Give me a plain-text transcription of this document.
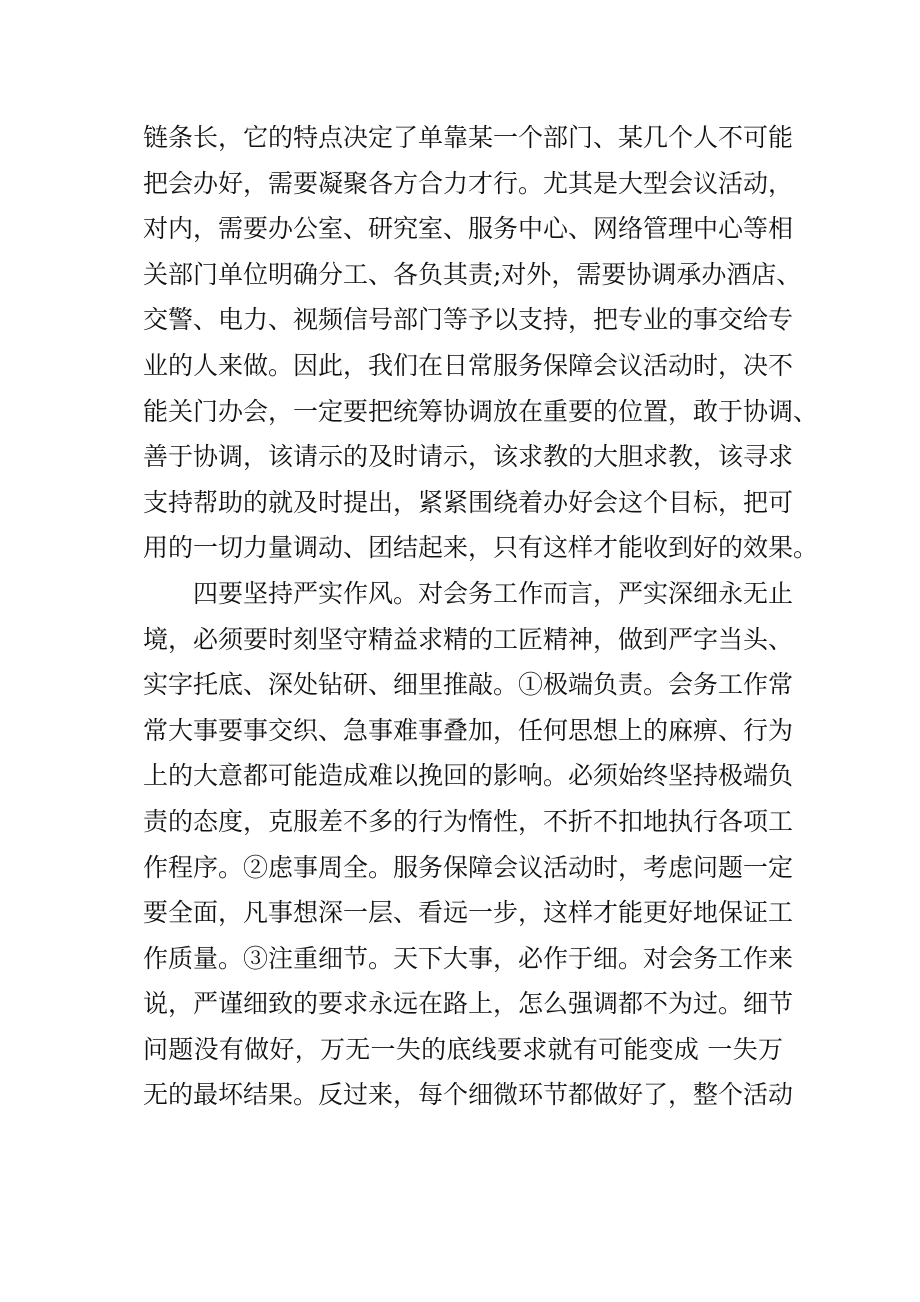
链条长，它的特点决定了单靠某一个部门、某几个人不可能
把会办好，需要凝聚各方合力才行。尤其是大型会议活动，
对内，需要办公室、研究室、服务中心、网络管理中心等相
关部门单位明确分工、各负其责;对外，需要协调承办酒店、
交警、电力、视频信号部门等予以支持，把专业的事交给专
业的人来做。因此，我们在日常服务保障会议活动时，决不
能关门办会，一定要把统筹协调放在重要的位置，敢于协调、
善于协调，该请示的及时请示，该求教的大胆求教，该寻求
支持帮助的就及时提出，紧紧围绕着办好会这个目标，把可
用的一切力量调动、团结起来，只有这样才能收到好的效果。
四要坚持严实作风。对会务工作而言，严实深细永无止
境，必须要时刻坚守精益求精的工匠精神，做到严字当头、
实字托底、深处钻研、细里推敲。①极端负责。会务工作常
常大事要事交织、急事难事叠加，任何思想上的麻痹、行为
上的大意都可能造成难以挽回的影响。必须始终坚持极端负
责的态度，克服差不多的行为惰性，不折不扣地执行各项工
作程序。②虑事周全。服务保障会议活动时，考虑问题一定
要全面，凡事想深一层、看远一步，这样才能更好地保证工
作质量。③注重细节。天下大事，必作于细。对会务工作来
说，严谨细致的要求永远在路上，怎么强调都不为过。细节
问题没有做好，万无一失的底线要求就有可能变成 一失万
无的最坏结果。反过来，每个细微环节都做好了，整个活动
